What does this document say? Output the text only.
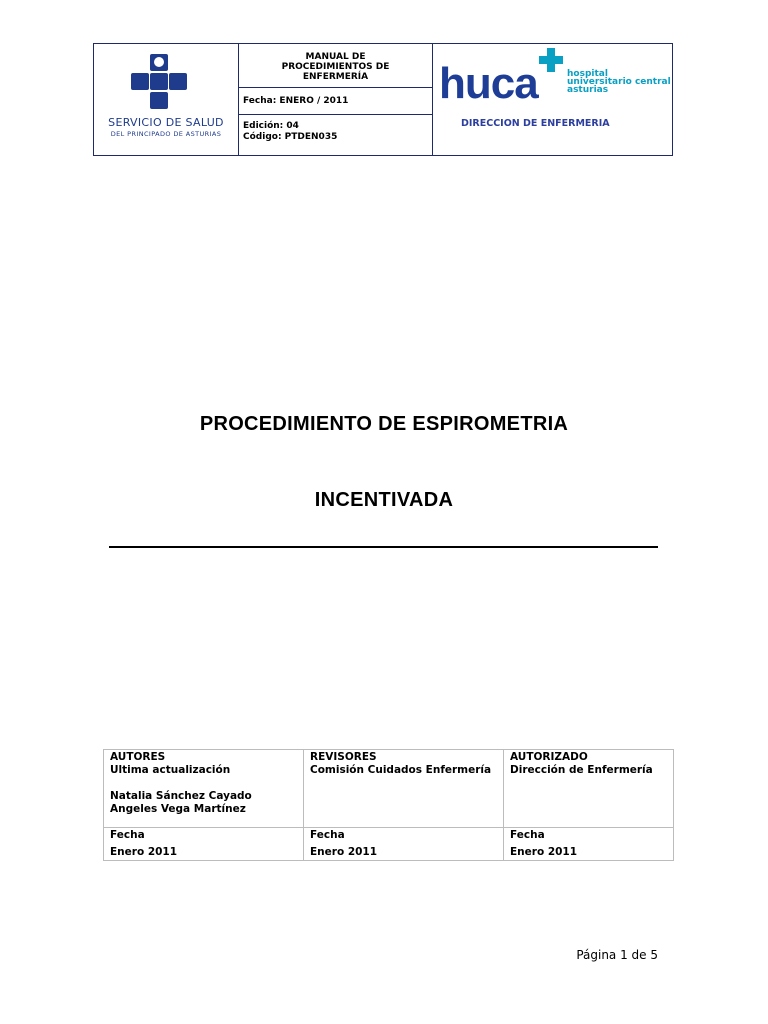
SERVICIO DE SALUD
DEL PRINCIPADO DE ASTURIAS
MANUAL DE
PROCEDIMIENTOS DE
ENFERMERÍA
Fecha: ENERO / 2011
Edición: 04
Código: PTDEN035
huca	hospital
universitario central
asturias
DIRECCION DE ENFERMERIA
PROCEDIMIENTO DE ESPIROMETRIA
INCENTIVADA
AUTORES
Ultima actualización
Natalia Sánchez Cayado
Angeles Vega Martínez
REVISORES
Comisión Cuidados Enfermería
AUTORIZADO
Dirección de Enfermería
Fecha
Enero 2011
Fecha
Enero 2011
Fecha
Enero 2011
Página 1 de 5
